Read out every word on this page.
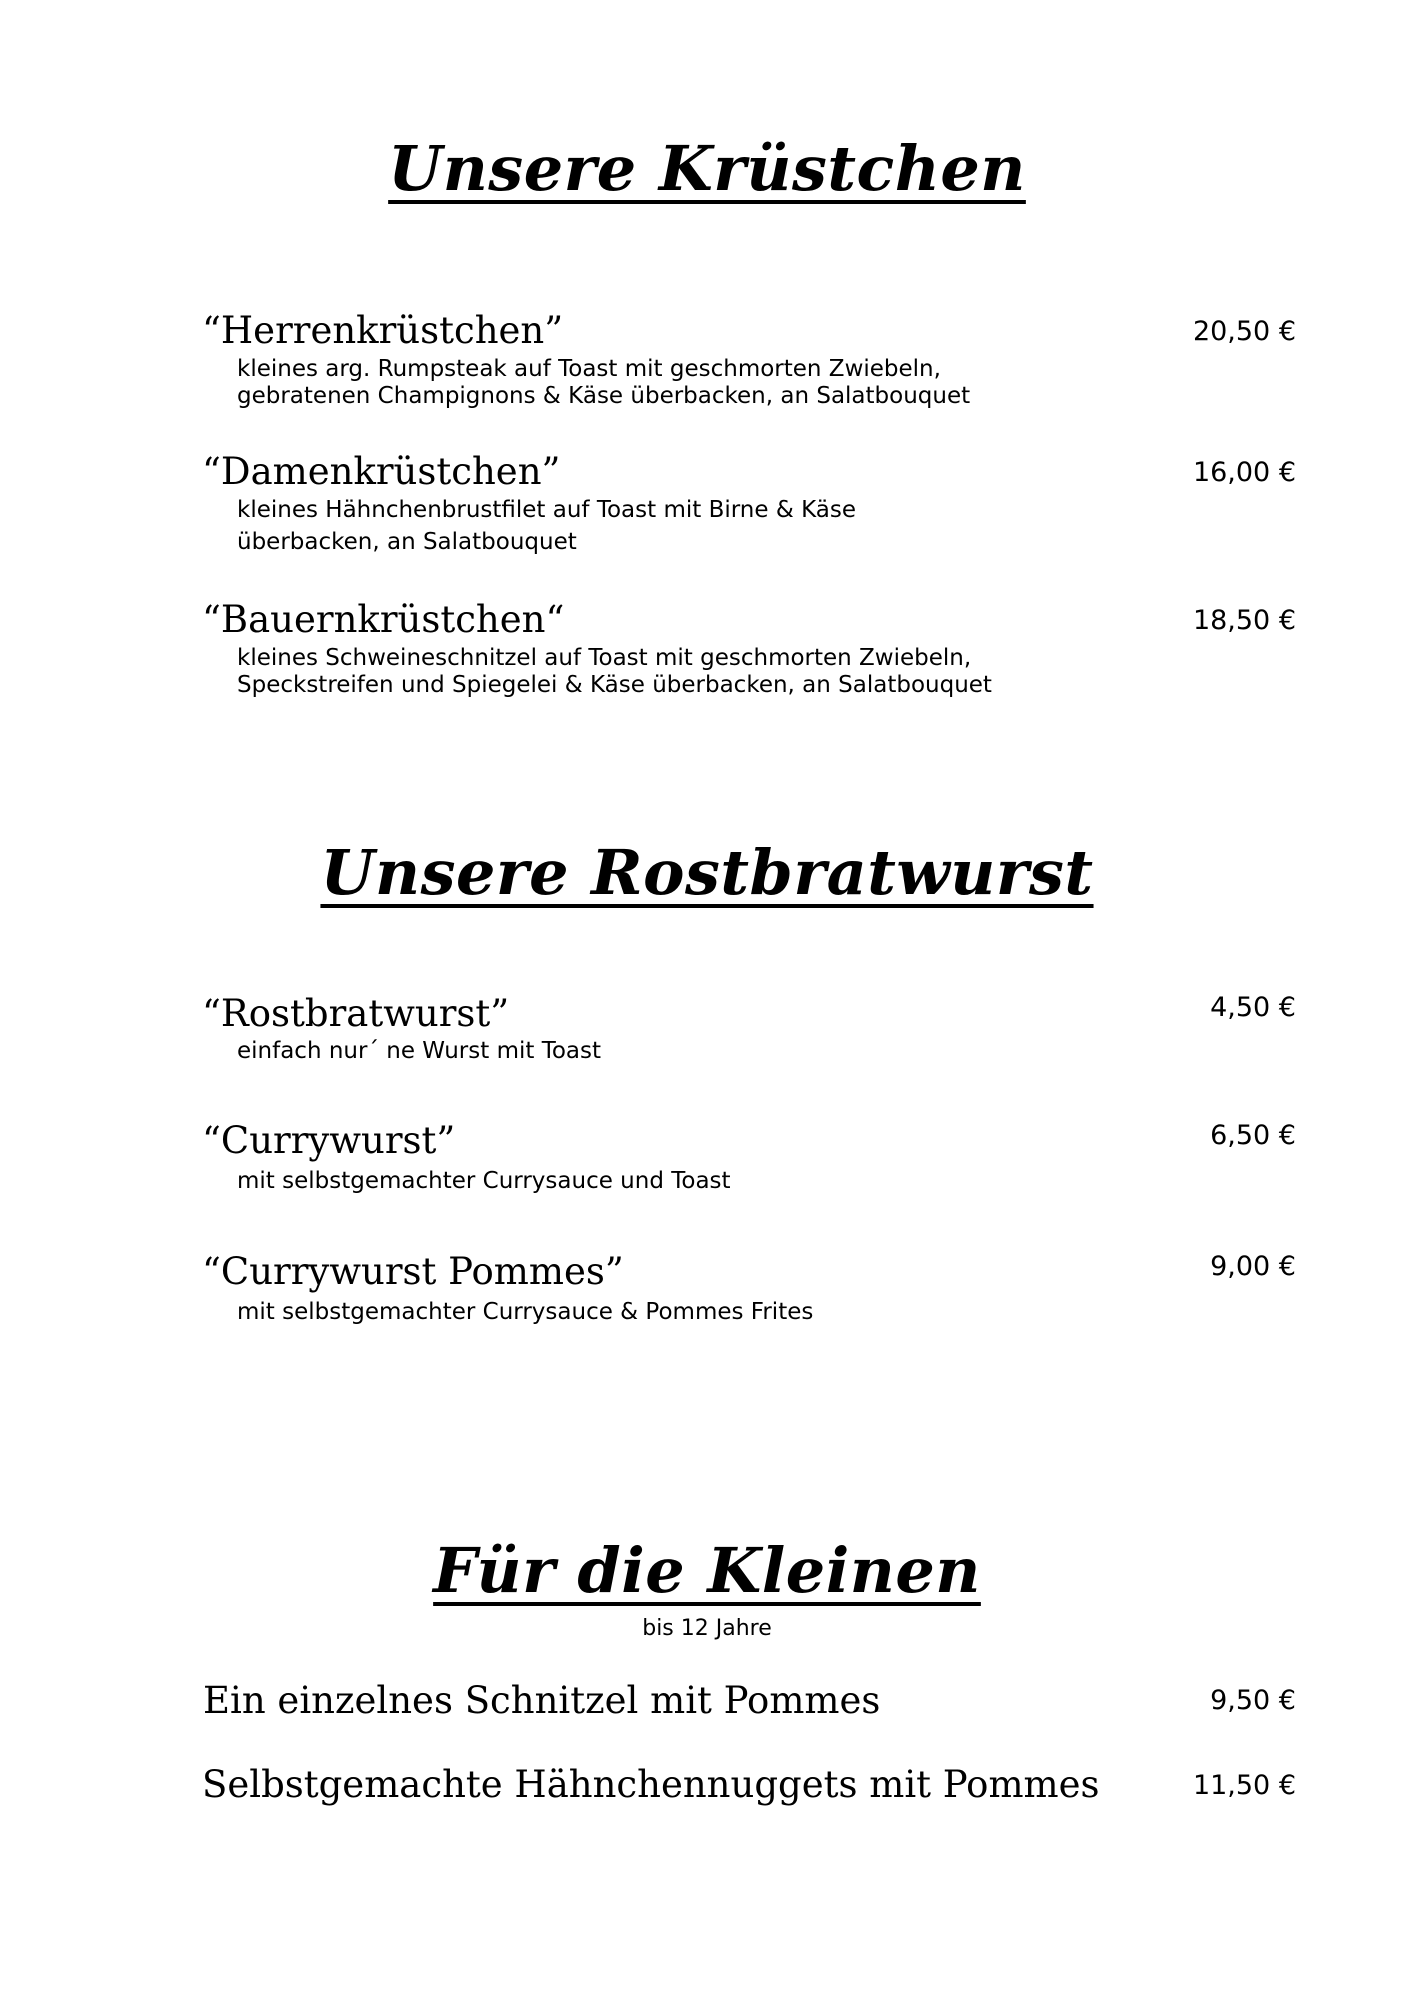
Unsere Krüstchen
“Herrenkrüstchen”	20,50 €
kleines arg. Rumpsteak auf Toast mit geschmorten Zwiebeln,
gebratenen Champignons & Käse überbacken, an Salatbouquet
“Damenkrüstchen”	16,00 €
kleines Hähnchenbrustfilet auf Toast mit Birne & Käse
überbacken, an Salatbouquet
“Bauernkrüstchen“	18,50 €
kleines Schweineschnitzel auf Toast mit geschmorten Zwiebeln,
Speckstreifen und Spiegelei & Käse überbacken, an Salatbouquet
Unsere Rostbratwurst
“Rostbratwurst”	4,50 €
einfach nur´ ne Wurst mit Toast
“Currywurst”	6,50 €
mit selbstgemachter Currysauce und Toast
“Currywurst Pommes”	9,00 €
mit selbstgemachter Currysauce & Pommes Frites
Für die Kleinen
bis 12 Jahre
Ein einzelnes Schnitzel mit Pommes	9,50 €
Selbstgemachte Hähnchennuggets mit Pommes	11,50 €
